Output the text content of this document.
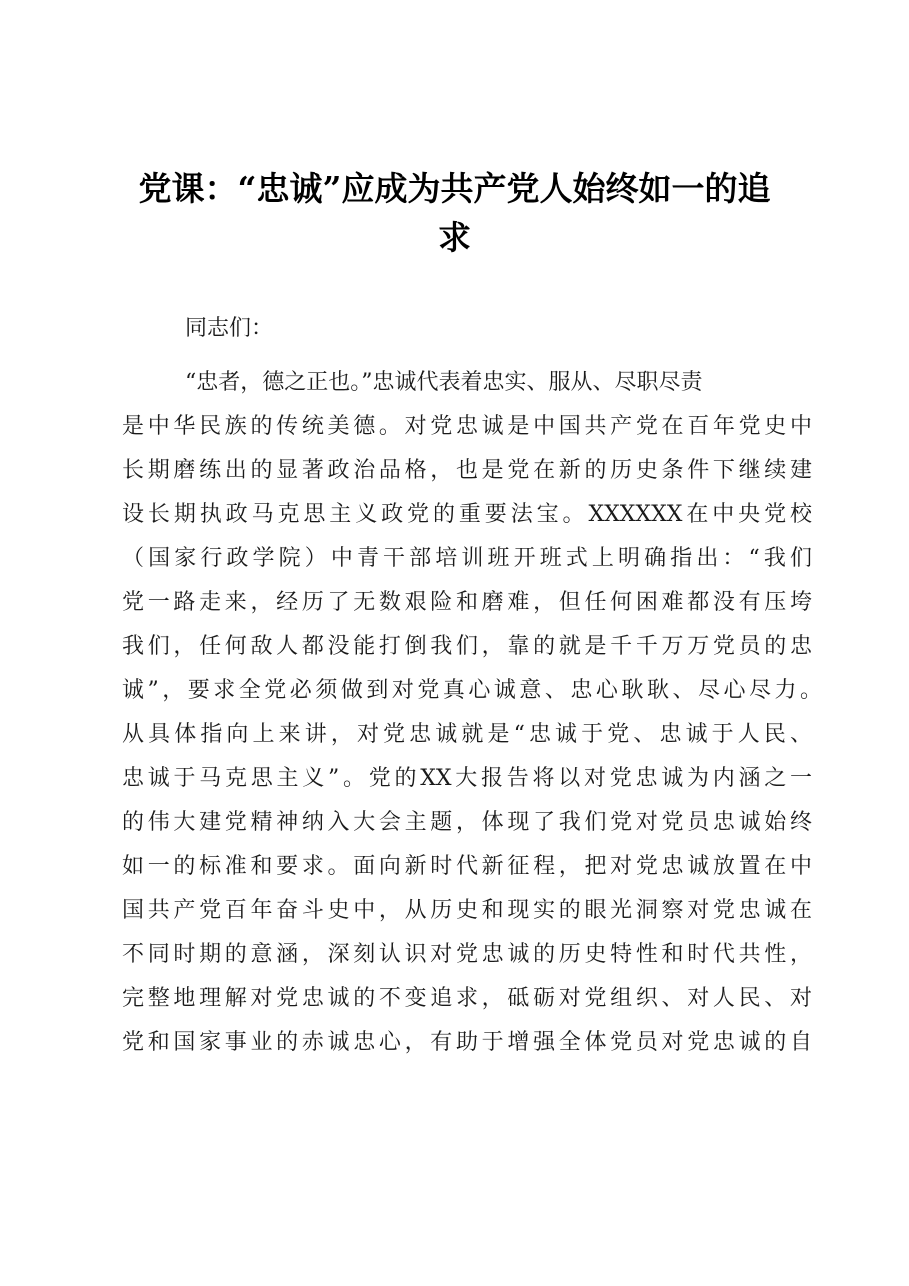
党课：“忠诚”应成为共产党人始终如一的追
求
同志们：
“忠者，德之正也。”忠诚代表着忠实、服从、尽职尽责
是中华民族的传统美德。对党忠诚是中国共产党在百年党史中
长期磨练出的显著政治品格，也是党在新的历史条件下继续建
设长期执政马克思主义政党的重要法宝。XXXXXX在中央党校
（国家行政学院）中青干部培训班开班式上明确指出：“我们
党一路走来，经历了无数艰险和磨难，但任何困难都没有压垮
我们，任何敌人都没能打倒我们，靠的就是千千万万党员的忠
诚”，要求全党必须做到对党真心诚意、忠心耿耿、尽心尽力。
从具体指向上来讲，对党忠诚就是“忠诚于党、忠诚于人民、
忠诚于马克思主义”。党的XX大报告将以对党忠诚为内涵之一
的伟大建党精神纳入大会主题，体现了我们党对党员忠诚始终
如一的标准和要求。面向新时代新征程，把对党忠诚放置在中
国共产党百年奋斗史中，从历史和现实的眼光洞察对党忠诚在
不同时期的意涵，深刻认识对党忠诚的历史特性和时代共性，
完整地理解对党忠诚的不变追求，砥砺对党组织、对人民、对
党和国家事业的赤诚忠心，有助于增强全体党员对党忠诚的自
